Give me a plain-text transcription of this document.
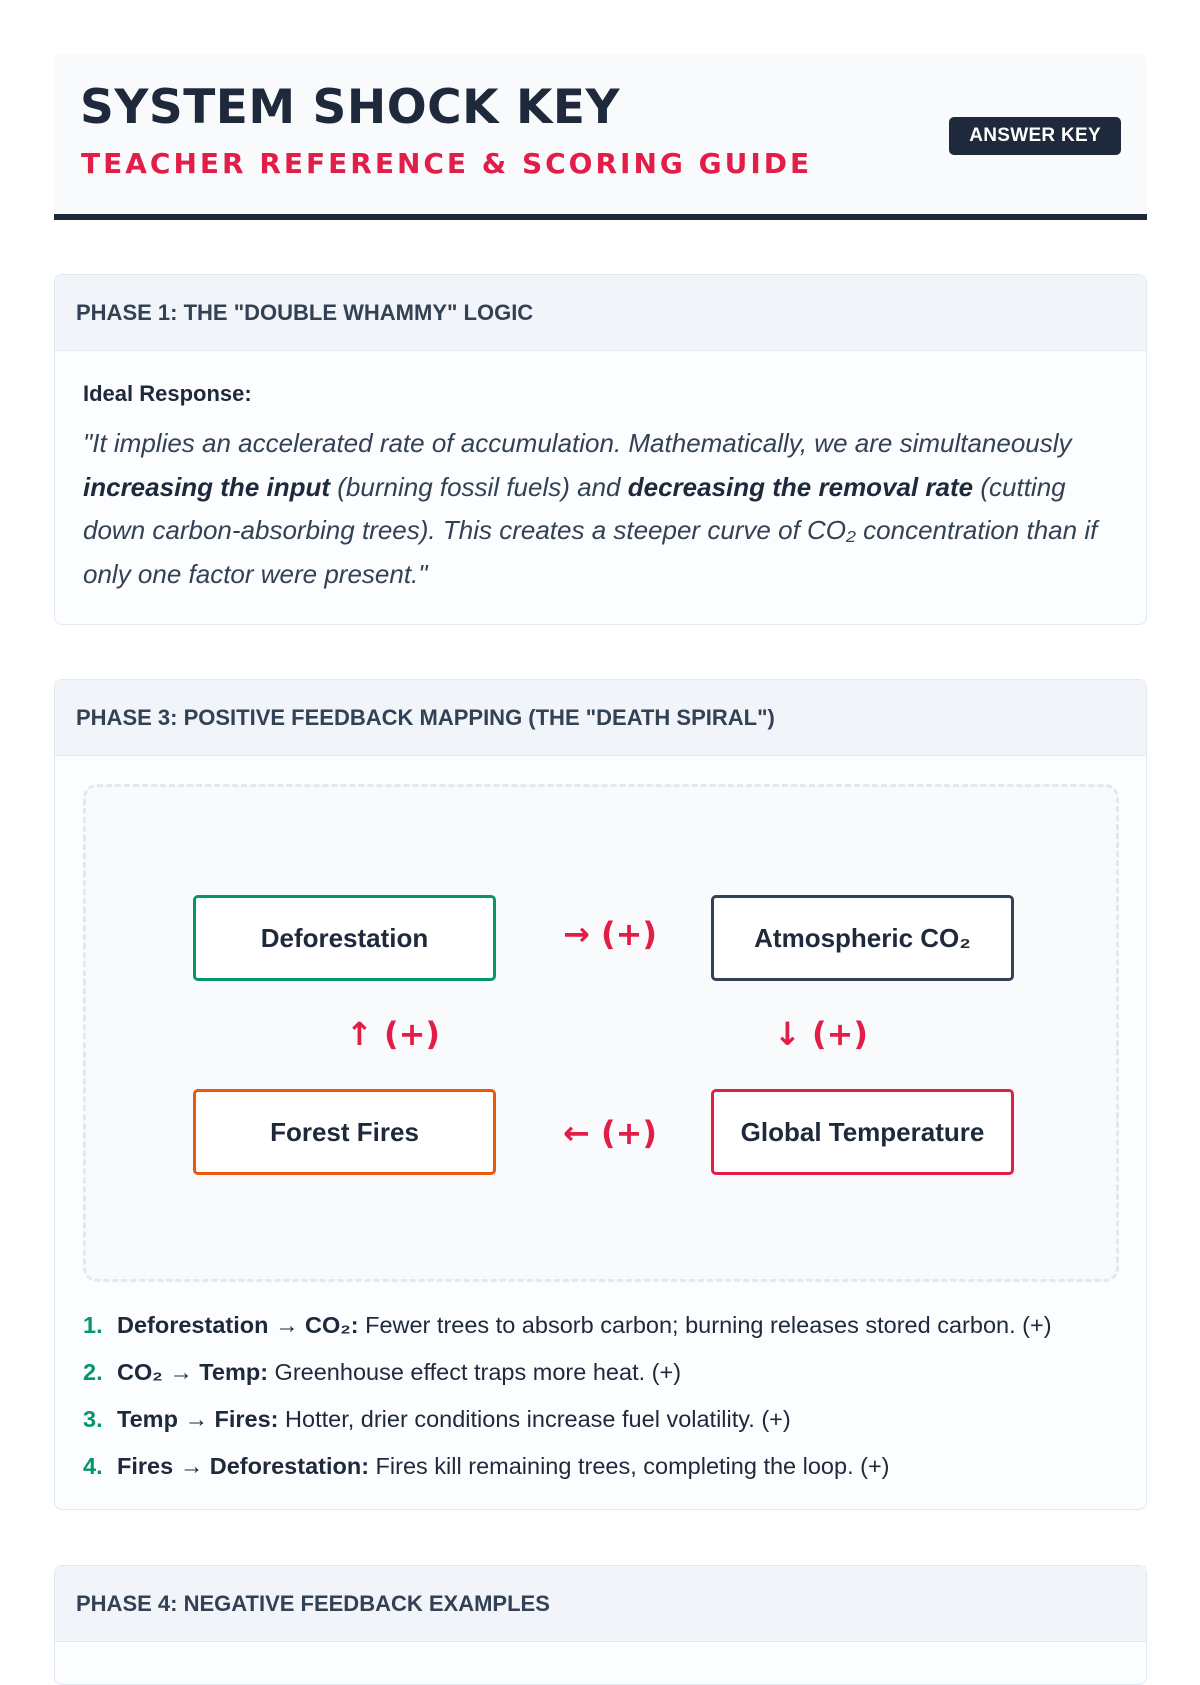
SYSTEM SHOCK KEY
TEACHER REFERENCE & SCORING GUIDE
ANSWER KEY
PHASE 1: THE "DOUBLE WHAMMY" LOGIC
Ideal Response:

"It implies an accelerated rate of accumulation. Mathematically, we are simultaneously increasing the input (burning fossil fuels) and decreasing the removal rate (cutting down carbon-absorbing trees). This creates a steeper curve of CO₂ concentration than if only one factor were present."

PHASE 3: POSITIVE FEEDBACK MAPPING (THE "DEATH SPIRAL")
Deforestation	→ (+)	Atmospheric CO₂
↑ (+)	↓ (+)
Forest Fires	← (+)	Global Temperature
1. Deforestation → CO₂: Fewer trees to absorb carbon; burning releases stored carbon. (+)
2. CO₂ → Temp: Greenhouse effect traps more heat. (+)
3. Temp → Fires: Hotter, drier conditions increase fuel volatility. (+)
4. Fires → Deforestation: Fires kill remaining trees, completing the loop. (+)
PHASE 4: NEGATIVE FEEDBACK EXAMPLES
